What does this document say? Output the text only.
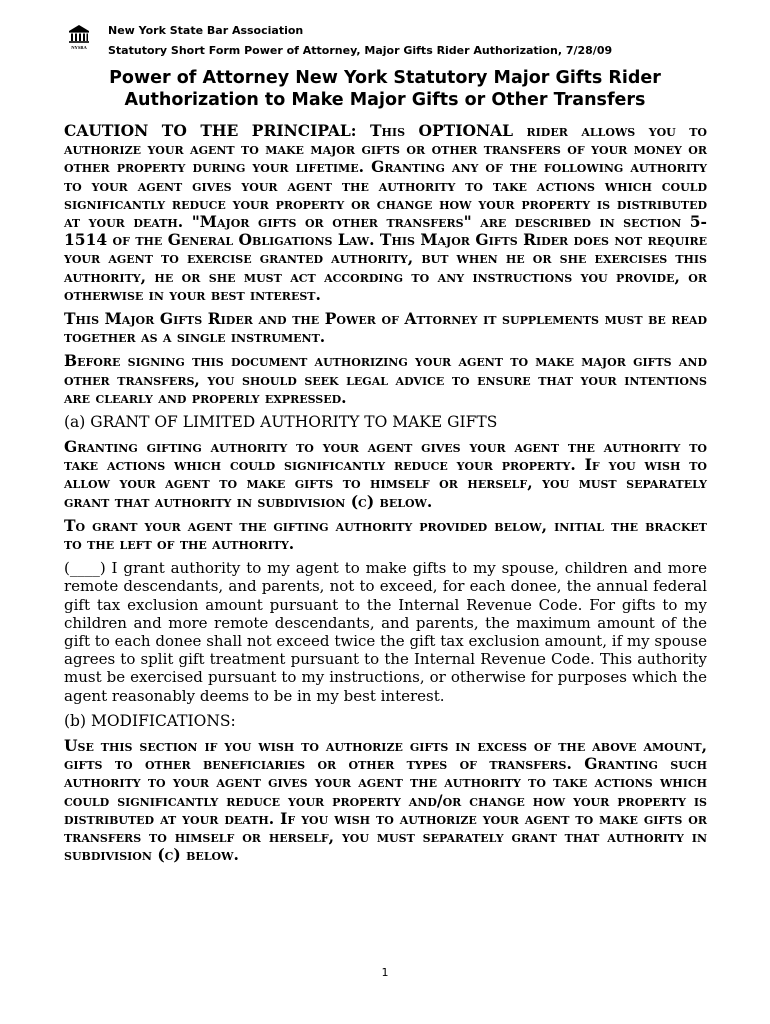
NYSBA
New York State Bar Association
Statutory Short Form Power of Attorney, Major Gifts Rider Authorization, 7/28/09
Power of Attorney New York Statutory Major Gifts Rider
Authorization to Make Major Gifts or Other Transfers

CAUTION TO THE PRINCIPAL: This OPTIONAL rider allows you to authorize your agent to make major gifts or other transfers of your money or other property during your lifetime. Granting any of the following authority to your agent gives your agent the authority to take actions which could significantly reduce your property or change how your property is distributed at your death. "Major gifts or other transfers" are described in section 5-1514 of the General Obligations Law. This Major Gifts Rider does not require your agent to exercise granted authority, but when he or she exercises this authority, he or she must act according to any instructions you provide, or otherwise in your best interest.

This Major Gifts Rider and the Power of Attorney it supplements must be read together as a single instrument.

Before signing this document authorizing your agent to make major gifts and other transfers, you should seek legal advice to ensure that your intentions are clearly and properly expressed.

(a) GRANT OF LIMITED AUTHORITY TO MAKE GIFTS

Granting gifting authority to your agent gives your agent the authority to take actions which could significantly reduce your property. If you wish to allow your agent to make gifts to himself or herself, you must separately grant that authority in subdivision (c) below.

To grant your agent the gifting authority provided below, initial the bracket to the left of the authority.

(____) I grant authority to my agent to make gifts to my spouse, children and more remote descendants, and parents, not to exceed, for each donee, the annual federal gift tax exclusion amount pursuant to the Internal Revenue Code. For gifts to my children and more remote descendants, and parents, the maximum amount of the gift to each donee shall not exceed twice the gift tax exclusion amount, if my spouse agrees to split gift treatment pursuant to the Internal Revenue Code. This authority must be exercised pursuant to my instructions, or otherwise for purposes which the agent reasonably deems to be in my best interest.

(b) MODIFICATIONS:

Use this section if you wish to authorize gifts in excess of the above amount, gifts to other beneficiaries or other types of transfers. Granting such authority to your agent gives your agent the authority to take actions which could significantly reduce your property and/or change how your property is distributed at your death. If you wish to authorize your agent to make gifts or transfers to himself or herself, you must separately grant that authority in subdivision (c) below.

1
